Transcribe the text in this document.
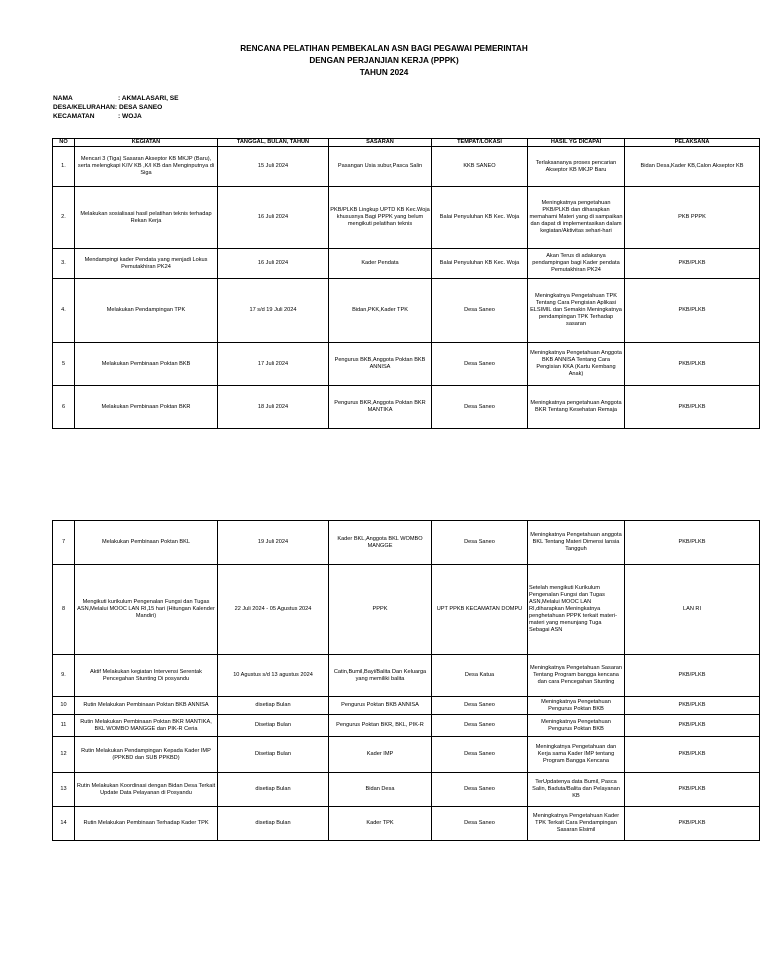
RENCANA PELATIHAN PEMBEKALAN ASN BAGI PEGAWAI PEMERINTAH
DENGAN PERJANJIAN KERJA (PPPK)
TAHUN 2024
NAMA	: AKMALASARI, SE
DESA/KELURAHAN : DESA SANEO
KECAMATAN	: WOJA
NO	KEGIATAN	TANGGAL, BULAN, TAHUN	SASARAN	TEMPAT/LOKASI	HASIL YG DICAPAI	PELAKSANA
1.	Mencari 3 (Tiga) Sasaran Akseptor KB MKJP (Baru), serta melengkapi K/IV KB ,K/I KB dan Menginputnya di Siga	15 Juli 2024	Pasangan Usia subur,Pasca Salin	KKB SANEO	Terlaksananya proses pencarian Akseptor KB MKJP Baru	Bidan Desa,Kader KB,Calon Akseptor KB
2.	Melakukan sosialisasi hasil pelatihan teknis terhadap Rekan Kerja	16 Juli 2024	PKB/PLKB Lingkup UPTD KB Kec.Woja khususnya Bagi PPPK yang belum mengikuti pelatihan teknis	Balai Penyuluhan KB Kec. Woja	Meningkatnya pengetahuan PKB/PLKB dan diharapkan memahami Materi yang di sampaikan dan dapat di implementasikan dalam kegiatan/Aktivitas sehari-hari	PKB PPPK
3.	Mendampingi kader Pendata yang menjadi Lokus Pemutakhiran PK24	16 Juli 2024	Kader Pendata	Balai Penyuluhan KB Kec. Woja	Akan Terus di adakanya pendampingan bagi Kader pendata Pemutakhiran PK24	PKB/PLKB
4.	Melakukan Pendampingan TPK	17 s/d 19 Juli 2024	Bidan,PKK,Kader TPK	Desa Saneo	Meningkatnya Pengetahuan TPK Tentang Cara Pengisian Aplikasi ELSIMIL dan Semakin Meningkatnya pendampingan TPK Terhadap sasaran	PKB/PLKB
5	Melakukan Pembinaan Poktan BKB	17 Juli 2024	Pengurus BKB,Anggota Poktan BKB ANNISA	Desa Saneo	Meningkatnya Pengetahuan Anggota BKB ANNISA Tentang Cara Pengisian KKA (Kartu Kembang Anak)	PKB/PLKB
6	Melakukan Pembinaan Poktan BKR	18 Juli 2024	Pengurus BKR,Anggota Poktan BKR MANTIKA	Desa Saneo	Meningkatnya pengetahuan Anggota BKR Tentang Kesehatan Remaja	PKB/PLKB
7	Melakukan Pembinaan Poktan BKL	19 Juli 2024	Kader BKL,Anggota BKL WOMBO MANGGE	Desa Saneo	Meningkatnya Pengetahuan anggota BKL Tentang Materi Dimensi lansia Tangguh	PKB/PLKB
8	Mengikuti kurikulum Pengenalan Fungsi dan Tugas ASN,Melalui MOOC LAN RI,15 hari (Hitungan Kalender Mandiri)	22 Juli 2024 - 05 Agustus 2024	PPPK	UPT PPKB KECAMATAN DOMPU	Setelah mengikuti Kurikulum Pengenalan Fungsi dan Tugas ASN,Melalui MOOC LAN RI,diharapkan Meningkatnya penghetahuan PPPK terkait materi-materi yang menunjang Tuga Sebagai ASN	LAN RI
9.	Aktif Melakukan kegiatan Intervensi Serentak Pencegahan Stunting Di posyandu	10 Agustus s/d 13 agustus 2024	Catin,Bumil,Bayi/Balita Dan Keluarga yang memiliki balita	Desa Katua	Meningkatnya Pengetahuan Sasaran Tentang Program bangga kencana dan cara Pencegahan Stunting	PKB/PLKB
10	Rutin Melakukan Pembinaan Poktan BKB ANNISA	disetiap Bulan	Pengurus Poktan BKB ANNISA	Desa Saneo	Meningkatnya Pengetahuan Pengurus Poktan BKB	PKB/PLKB
11	Rutin Melakukan Pembinaan Poktan BKR MANTIKA, BKL WOMBO MANGGE dan PIK-R Ceria	Disetiap Bulan	Pengurus Poktan BKR, BKL, PIK-R	Desa Saneo	Meningkatnya Pengetahuan Pengurus Poktan BKB	PKB/PLKB
12	Rutin Melakukan Pendampingan Kepada Kader IMP (PPKBD dan SUB PPKBD)	Disetiap Bulan	Kader IMP	Desa Saneo	Meningkatnya Pengetahuan dan Kerja sama Kader IMP tentang Program Bangga Kencana	PKB/PLKB
13	Rutin Melakukan Koordinasi dengan Bidan Desa Terkait Update Data Pelayanan di Posyandu	disetiap Bulan	Bidan Desa	Desa Saneo	TerUpdatenya data Bumil, Pasca Salin, Baduta/Balita dan Pelayanan KB	PKB/PLKB
14	Rutin Melakukan Pembinaan Terhadap Kader TPK	disetiap Bulan	Kader TPK	Desa Saneo	Meningkatnya Pengetahuan Kader TPK Terkait Cara Pendampingan Sasaran Elsimil	PKB/PLKB
